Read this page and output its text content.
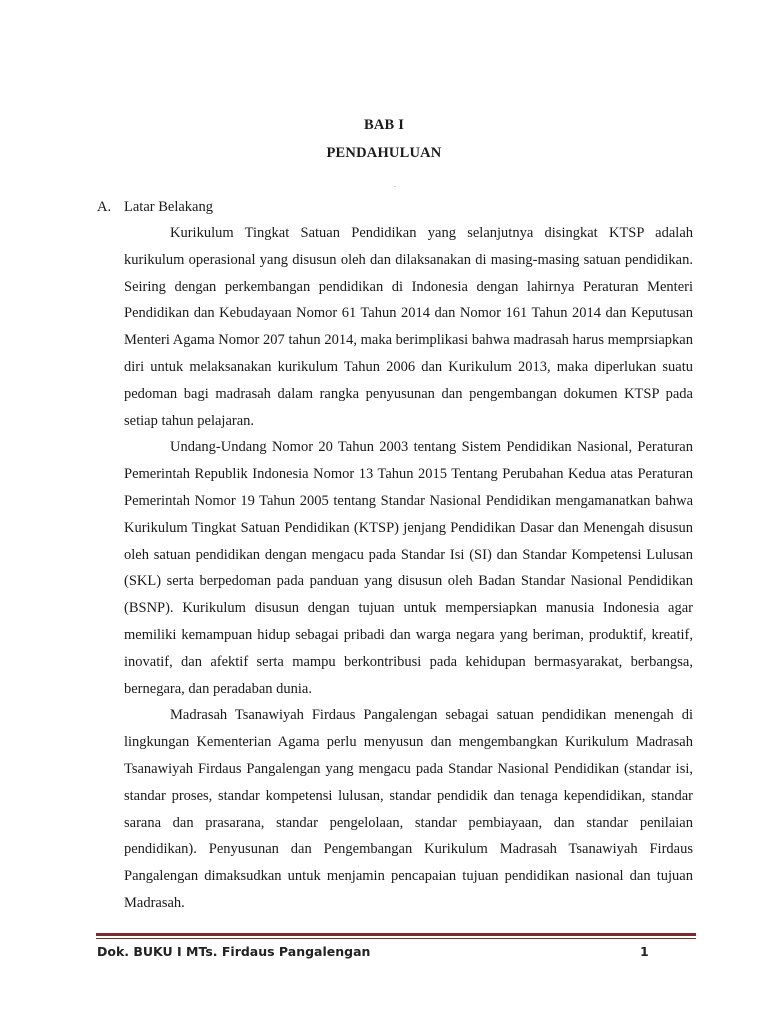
BAB I
PENDAHULUAN
.
A. Latar Belakang

Kurikulum Tingkat Satuan Pendidikan yang selanjutnya disingkat KTSP adalah kurikulum operasional yang disusun oleh dan dilaksanakan di masing-masing satuan pendidikan. Seiring dengan perkembangan pendidikan di Indonesia dengan lahirnya Peraturan Menteri Pendidikan dan Kebudayaan Nomor 61 Tahun 2014 dan Nomor 161 Tahun 2014 dan Keputusan Menteri Agama Nomor 207 tahun 2014, maka berimplikasi bahwa madrasah harus memprsiapkan diri untuk melaksanakan kurikulum Tahun 2006 dan Kurikulum 2013, maka diperlukan suatu pedoman bagi madrasah dalam rangka penyusunan dan pengembangan dokumen KTSP pada setiap tahun pelajaran.

Undang-Undang Nomor 20 Tahun 2003 tentang Sistem Pendidikan Nasional, Peraturan Pemerintah Republik Indonesia Nomor 13 Tahun 2015 Tentang Perubahan Kedua atas Peraturan Pemerintah Nomor 19 Tahun 2005 tentang Standar Nasional Pendidikan mengamanatkan bahwa Kurikulum Tingkat Satuan Pendidikan (KTSP) jenjang Pendidikan Dasar dan Menengah disusun oleh satuan pendidikan dengan mengacu pada Standar Isi (SI) dan Standar Kompetensi Lulusan (SKL) serta berpedoman pada panduan yang disusun oleh Badan Standar Nasional Pendidikan (BSNP). Kurikulum disusun dengan tujuan untuk mempersiapkan manusia Indonesia agar memiliki kemampuan hidup sebagai pribadi dan warga negara yang beriman, produktif, kreatif, inovatif, dan afektif serta mampu berkontribusi pada kehidupan bermasyarakat, berbangsa, bernegara, dan peradaban dunia.

Madrasah Tsanawiyah Firdaus Pangalengan sebagai satuan pendidikan menengah di lingkungan Kementerian Agama perlu menyusun dan mengembangkan Kurikulum Madrasah Tsanawiyah Firdaus Pangalengan yang mengacu pada Standar Nasional Pendidikan (standar isi, standar proses, standar kompetensi lulusan, standar pendidik dan tenaga kependidikan, standar sarana dan prasarana, standar pengelolaan, standar pembiayaan, dan standar penilaian pendidikan). Penyusunan dan Pengembangan Kurikulum Madrasah Tsanawiyah Firdaus Pangalengan dimaksudkan untuk menjamin pencapaian tujuan pendidikan nasional dan tujuan Madrasah.

Dok. BUKU I MTs. Firdaus Pangalengan	1
